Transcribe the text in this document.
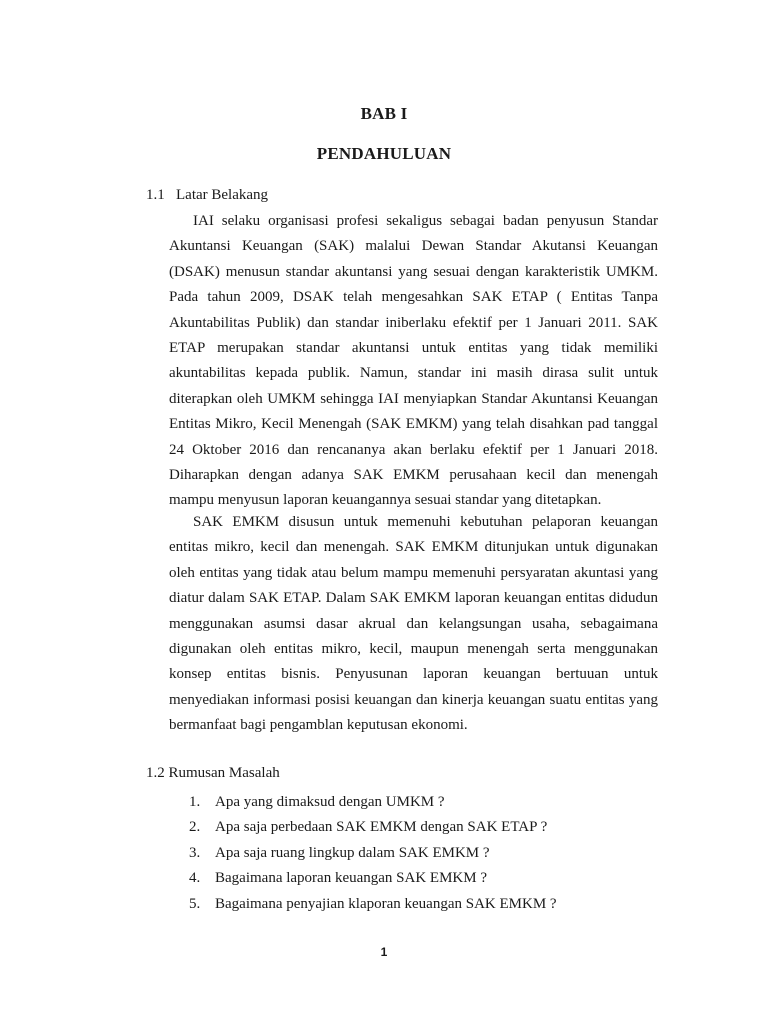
BAB I
PENDAHULUAN
1.1 Latar Belakang

IAI selaku organisasi profesi sekaligus sebagai badan penyusun Standar Akuntansi Keuangan (SAK) malalui Dewan Standar Akutansi Keuangan (DSAK) menusun standar akuntansi yang sesuai dengan karakteristik UMKM. Pada tahun 2009, DSAK telah mengesahkan SAK ETAP ( Entitas Tanpa Akuntabilitas Publik) dan standar iniberlaku efektif per 1 Januari 2011. SAK ETAP merupakan standar akuntansi untuk entitas yang tidak memiliki akuntabilitas kepada publik. Namun, standar ini masih dirasa sulit untuk diterapkan oleh UMKM sehingga IAI menyiapkan Standar Akuntansi Keuangan Entitas Mikro, Kecil Menengah (SAK EMKM) yang telah disahkan pad tanggal 24 Oktober 2016 dan rencananya akan berlaku efektif per 1 Januari 2018. Diharapkan dengan adanya SAK EMKM perusahaan kecil dan menengah mampu menyusun laporan keuangannya sesuai standar yang ditetapkan.

SAK EMKM disusun untuk memenuhi kebutuhan pelaporan keuangan entitas mikro, kecil dan menengah. SAK EMKM ditunjukan untuk digunakan oleh entitas yang tidak atau belum mampu memenuhi persyaratan akuntasi yang diatur dalam SAK ETAP. Dalam SAK EMKM laporan keuangan entitas didudun menggunakan asumsi dasar akrual dan kelangsungan usaha, sebagaimana digunakan oleh entitas mikro, kecil, maupun menengah serta menggunakan konsep entitas bisnis. Penyusunan laporan keuangan bertuuan untuk menyediakan informasi posisi keuangan dan kinerja keuangan suatu entitas yang bermanfaat bagi pengamblan keputusan ekonomi.

1.2 Rumusan Masalah
1. Apa yang dimaksud dengan UMKM ?
2. Apa saja perbedaan SAK EMKM dengan SAK ETAP ?
3. Apa saja ruang lingkup dalam SAK EMKM ?
4. Bagaimana laporan keuangan SAK EMKM ?
5. Bagaimana penyajian klaporan keuangan SAK EMKM ?
1
